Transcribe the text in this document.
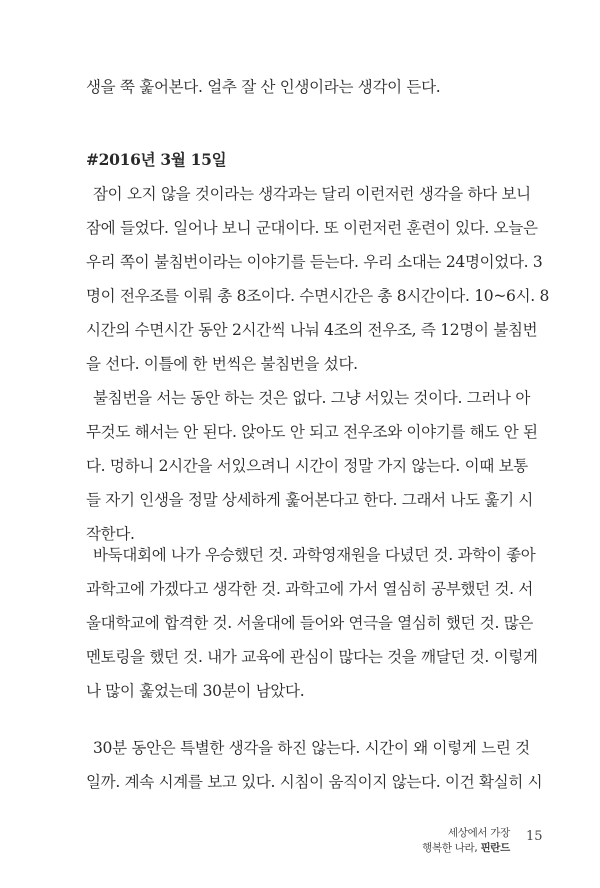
생을 쭉 훑어본다. 얼추 잘 산 인생이라는 생각이 든다.
#2016년 3월 15일
잠이 오지 않을 것이라는 생각과는 달리 이런저런 생각을 하다 보니
잠에 들었다. 일어나 보니 군대이다. 또 이런저런 훈련이 있다. 오늘은
우리 쪽이 불침번이라는 이야기를 듣는다. 우리 소대는 24명이었다. 3
명이 전우조를 이뤄 총 8조이다. 수면시간은 총 8시간이다. 10~6시. 8
시간의 수면시간 동안 2시간씩 나눠 4조의 전우조, 즉 12명이 불침번
을 선다. 이틀에 한 번씩은 불침번을 섰다.
불침번을 서는 동안 하는 것은 없다. 그냥 서있는 것이다. 그러나 아
무것도 해서는 안 된다. 앉아도 안 되고 전우조와 이야기를 해도 안 된
다. 멍하니 2시간을 서있으려니 시간이 정말 가지 않는다. 이때 보통
들 자기 인생을 정말 상세하게 훑어본다고 한다. 그래서 나도 훑기 시
작한다.
바둑대회에 나가 우승했던 것. 과학영재원을 다녔던 것. 과학이 좋아
과학고에 가겠다고 생각한 것. 과학고에 가서 열심히 공부했던 것. 서
울대학교에 합격한 것. 서울대에 들어와 연극을 열심히 했던 것. 많은
멘토링을 했던 것. 내가 교육에 관심이 많다는 것을 깨달던 것. 이렇게
나 많이 훑었는데 30분이 남았다.
30분 동안은 특별한 생각을 하진 않는다. 시간이 왜 이렇게 느린 것
일까. 계속 시계를 보고 있다. 시침이 움직이지 않는다. 이건 확실히 시
세상에서 가장
행복한 나라, 핀란드
15
